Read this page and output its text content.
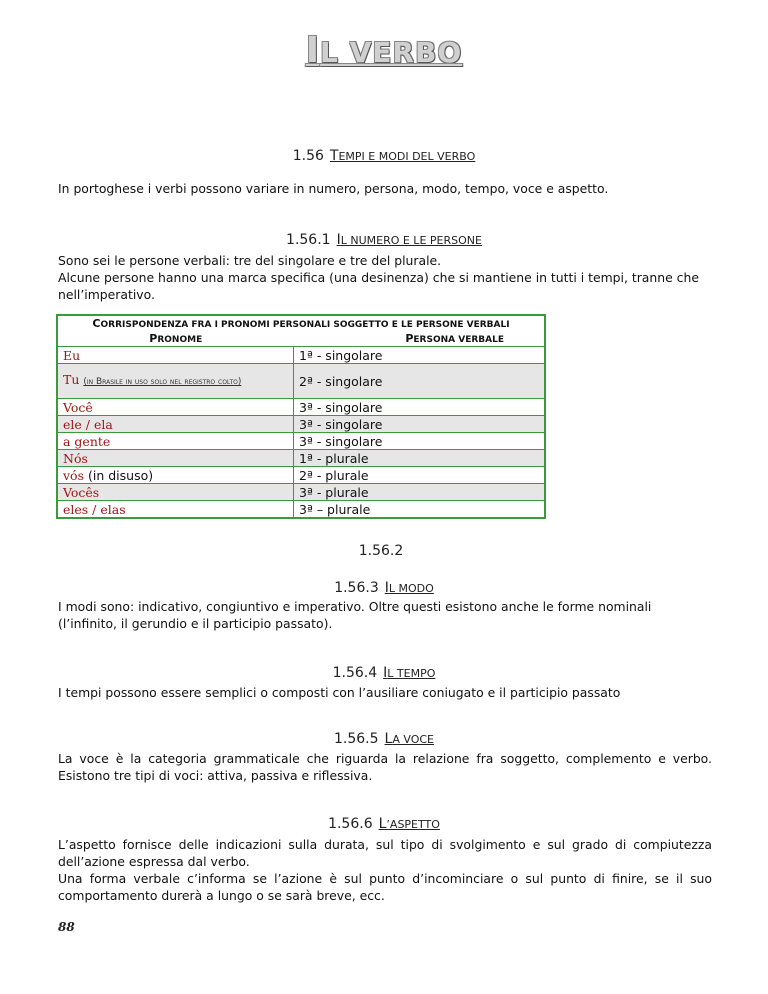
IL VERBO
1.56 TEMPI E MODI DEL VERBO

In portoghese i verbi possono variare in numero, persona, modo, tempo, voce e aspetto.

1.56.1 IL NUMERO E LE PERSONE

Sono sei le persone verbali: tre del singolare e tre del plurale.

Alcune persone hanno una marca specifica (una desinenza) che si mantiene in tutti i tempi, tranne che nell’imperativo.

CORRISPONDENZA FRA I PRONOMI PERSONALI SOGGETTO E LE PERSONE VERBALI	
PRONOME	PERSONA VERBALE
Eu	1ª - singolare
Tu (in Brasile in uso solo nel registro colto)	2ª - singolare
Você	3ª - singolare
ele / ela	3ª - singolare
a gente	3ª - singolare
Nós	1ª - plurale
vós (in disuso)	2ª - plurale
Vocês	3ª - plurale
eles / elas	3ª – plurale
1.56.2
1.56.3 IL MODO

I modi sono: indicativo, congiuntivo e imperativo. Oltre questi esistono anche le forme nominali (l’infinito, il gerundio e il participio passato).

1.56.4 IL TEMPO

I tempi possono essere semplici o composti con l’ausiliare coniugato e il participio passato

1.56.5 LA VOCE

La voce è la categoria grammaticale che riguarda la relazione fra soggetto, complemento e verbo. Esistono tre tipi di voci: attiva, passiva e riflessiva.

1.56.6 L’ASPETTO

L’aspetto fornisce delle indicazioni sulla durata, sul tipo di svolgimento e sul grado di compiutezza dell’azione espressa dal verbo.

Una forma verbale c’informa se l’azione è sul punto d’incominciare o sul punto di finire, se il suo comportamento durerà a lungo o se sarà breve, ecc.

88
